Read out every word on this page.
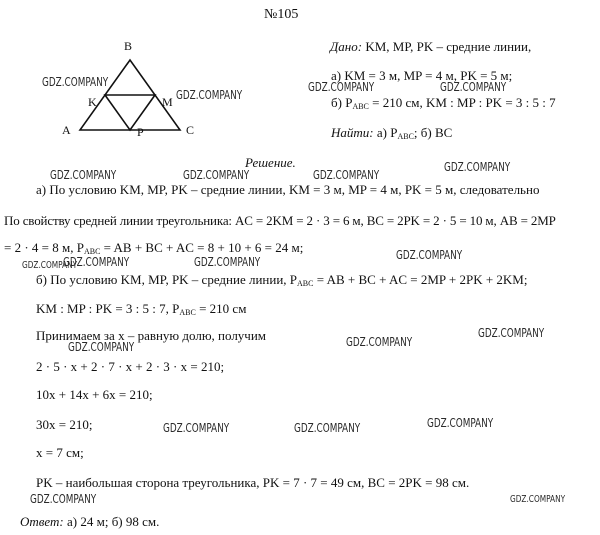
№105
B
K	M
A	P	C
Дано: KM, MP, PK – средние линии,
а) KM = 3 м, MP = 4 м, PK = 5 м;
б) $P_{ABC} = 210$ см, KM : MP : PK = 3 : 5 : 7
Найти: а) $P_{ABC}$; б) BC
Решение.
а) По условию KM, MP, PK – средние линии, KM = 3 м, MP = 4 м, PK = 5 м, следовательно
По свойству средней линии треугольника: AC = 2KM = 2 · 3 = 6 м, BC = 2PK = 2 · 5 = 10 м, AB = 2MP
= 2 · 4 = 8 м, $P_{ABC}$ = AB + BC + AC = 8 + 10 + 6 = 24 м;
б) По условию KM, MP, PK – средние линии, $P_{ABC}$ = AB + BC + AC = 2MP + 2PK + 2KM;
KM : MP : PK = 3 : 5 : 7, $P_{ABC} = 210$ см
Принимаем за x – равную долю, получим
2 · 5 · x + 2 · 7 · x + 2 · 3 · x = 210;
10x + 14x + 6x = 210;
30x = 210;
x = 7 см;
PK – наибольшая сторона треугольника, PK = 7 · 7 = 49 см, BC = 2PK = 98 см.
Ответ: а) 24 м; б) 98 см.
GDZ.COMPANY
GDZ.COMPANY
GDZ.COMPANY	GDZ.COMPANY
GDZ.COMPANY
GDZ.COMPANY	GDZ.COMPANY	GDZ.COMPANY
GDZ.COMPANY
GDZ.COMPANY
GDZ.COMPANY	GDZ.COMPANY
GDZ.COMPANY
GDZ.COMPANY	GDZ.COMPANY
GDZ.COMPANY	GDZ.COMPANY	GDZ.COMPANY
GDZ.COMPANY	GDZ.COMPANY
